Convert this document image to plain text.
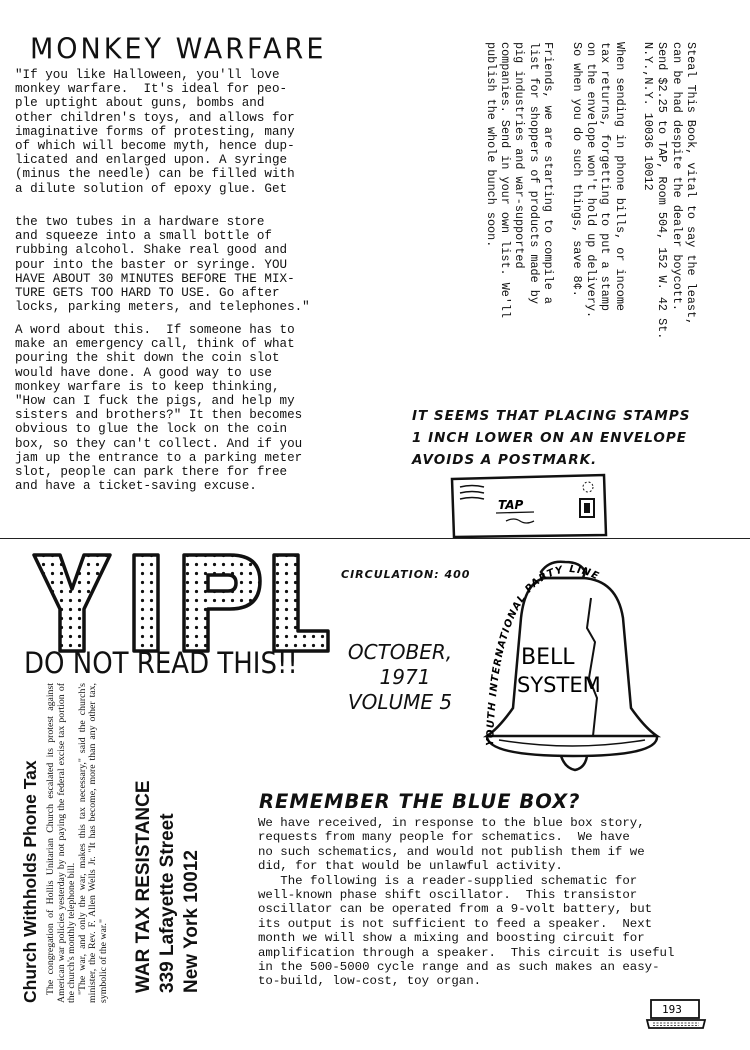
MONKEY WARFARE
"If you like Halloween, you'll love
monkey warfare.  It's ideal for peo-
ple uptight about guns, bombs and
other children's toys, and allows for
imaginative forms of protesting, many
of which will become myth, hence dup-
licated and enlarged upon. A syringe
(minus the needle) can be filled with
a dilute solution of epoxy glue. Get
the two tubes in a hardware store
and squeeze into a small bottle of
rubbing alcohol. Shake real good and
pour into the baster or syringe. YOU
HAVE ABOUT 30 MINUTES BEFORE THE MIX-
TURE GETS TOO HARD TO USE. Go after
locks, parking meters, and telephones."
A word about this.  If someone has to
make an emergency call, think of what
pouring the shit down the coin slot
would have done. A good way to use
monkey warfare is to keep thinking,
"How can I fuck the pigs, and help my
sisters and brothers?" It then becomes
obvious to glue the lock on the coin
box, so they can't collect. And if you
jam up the entrance to a parking meter
slot, people can park there for free
and have a ticket-saving excuse.
Steal This Book, vital to say the least,
can be had despite the dealer boycott.
Send $2.25 to TAP, Room 504, 152 W. 42 St.
N.Y.,N.Y. 10036 10012

When sending in phone bills, or income
tax returns, forgetting to put a stamp
on the envelope won't hold up delivery.
So when you do such things, save 8¢.

Friends, we are starting to compile a
list for shoppers of products made by
pig industries and war-supported
companies. Send in your own list. We'll
publish the whole bunch soon.
IT SEEMS THAT PLACING STAMPS
1 INCH LOWER ON AN ENVELOPE
AVOIDS A POSTMARK.
TAP
YIPL
DO NOT READ THIS!!
CIRCULATION: 400
OCTOBER,
1971
VOLUME 5
BELL
SYSTEM
YOUTH INTERNATIONAL PARTY LINE
Church Withholds Phone Tax The congregation of Hollis Unitarian Church escalated its protest against American war policies yesterday by not paying the federal excise tax portion of the church's monthly telephone bill. "The war, and only the war, makes this tax necessary," said the church's minister, the Rev. F. Allen Wells Jr. "It has become, more than any other tax, symbolic of the war." WAR TAX RESISTANCE 339 Lafayette Street New York 10012
REMEMBER THE BLUE BOX?
We have received, in response to the blue box story,
requests from many people for schematics.  We have
no such schematics, and would not publish them if we
did, for that would be unlawful activity.
The following is a reader-supplied schematic for
well-known phase shift oscillator.  This transistor
oscillator can be operated from a 9-volt battery, but
its output is not sufficient to feed a speaker.  Next
month we will show a mixing and boosting circuit for
amplification through a speaker.  This circuit is useful
in the 500-5000 cycle range and as such makes an easy-
to-build, low-cost, toy organ.
193
